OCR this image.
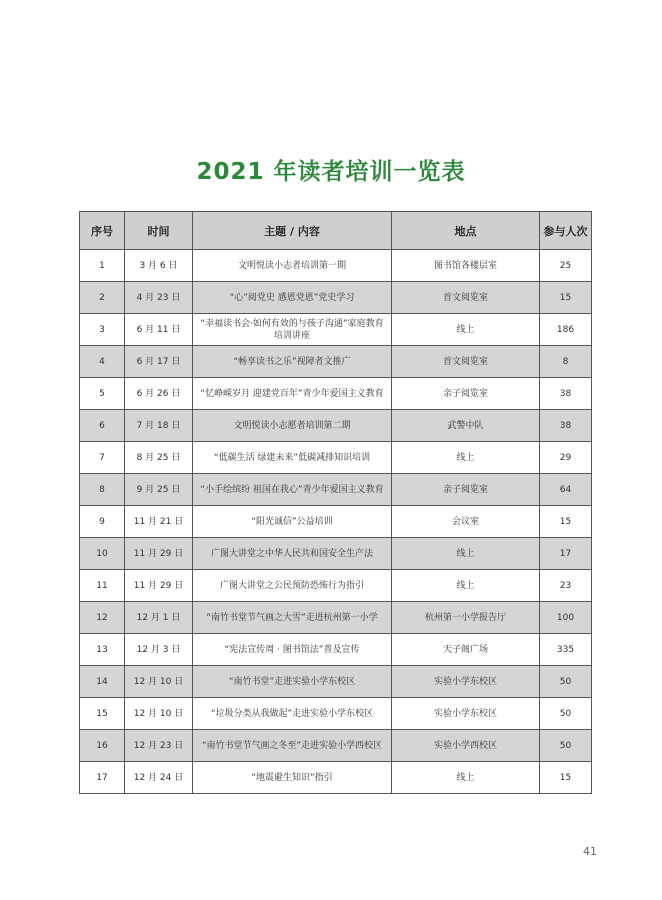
2021 年读者培训一览表
序号	时间	主题 / 内容	地点	参与人次
1	3 月 6 日	文明悦读小志者培训第一期	图书馆各楼层室	25
2	4 月 23 日	“心”阅党史 感恩党恩”党史学习	首文阅览室	15
3	6 月 11 日	“幸福读书会·如何有效的与孩子沟通”家庭教育培训讲座	线上	186
4	6 月 17 日	“畅享读书之乐”视障者文推广	首文阅览室	8
5	6 月 26 日	“忆峥嵘岁月 迎建党百年”青少年爱国主义教育	亲子阅览室	38
6	7 月 18 日	文明悦读小志愿者培训第二期	武警中队	38
7	8 月 25 日	“低碳生活 绿建未来”低碳减排知识培训	线上	29
8	9 月 25 日	“小手绘缤纷 祖国在我心”青少年爱国主义教育	亲子阅览室	64
9	11 月 21 日	“阳光诚信”公益培训	会议室	15
10	11 月 29 日	广图大讲堂之中华人民共和国安全生产法	线上	17
11	11 月 29 日	广图大讲堂之公民预防恐怖行为指引	线上	23
12	12 月 1 日	“南竹书堂节气画之大雪”走进杭州第一小学	杭州第一小学报告厅	100
13	12 月 3 日	“宪法宣传周 · 图书馆法”普及宣传	天子阁广场	335
14	12 月 10 日	“南竹书堂”走进实验小学东校区	实验小学东校区	50
15	12 月 10 日	“垃圾分类从我做起”走进实验小学东校区	实验小学东校区	50
16	12 月 23 日	“南竹书堂节气画之冬至”走进实验小学西校区	实验小学西校区	50
17	12 月 24 日	“地震避生知识”指引	线上	15
41
